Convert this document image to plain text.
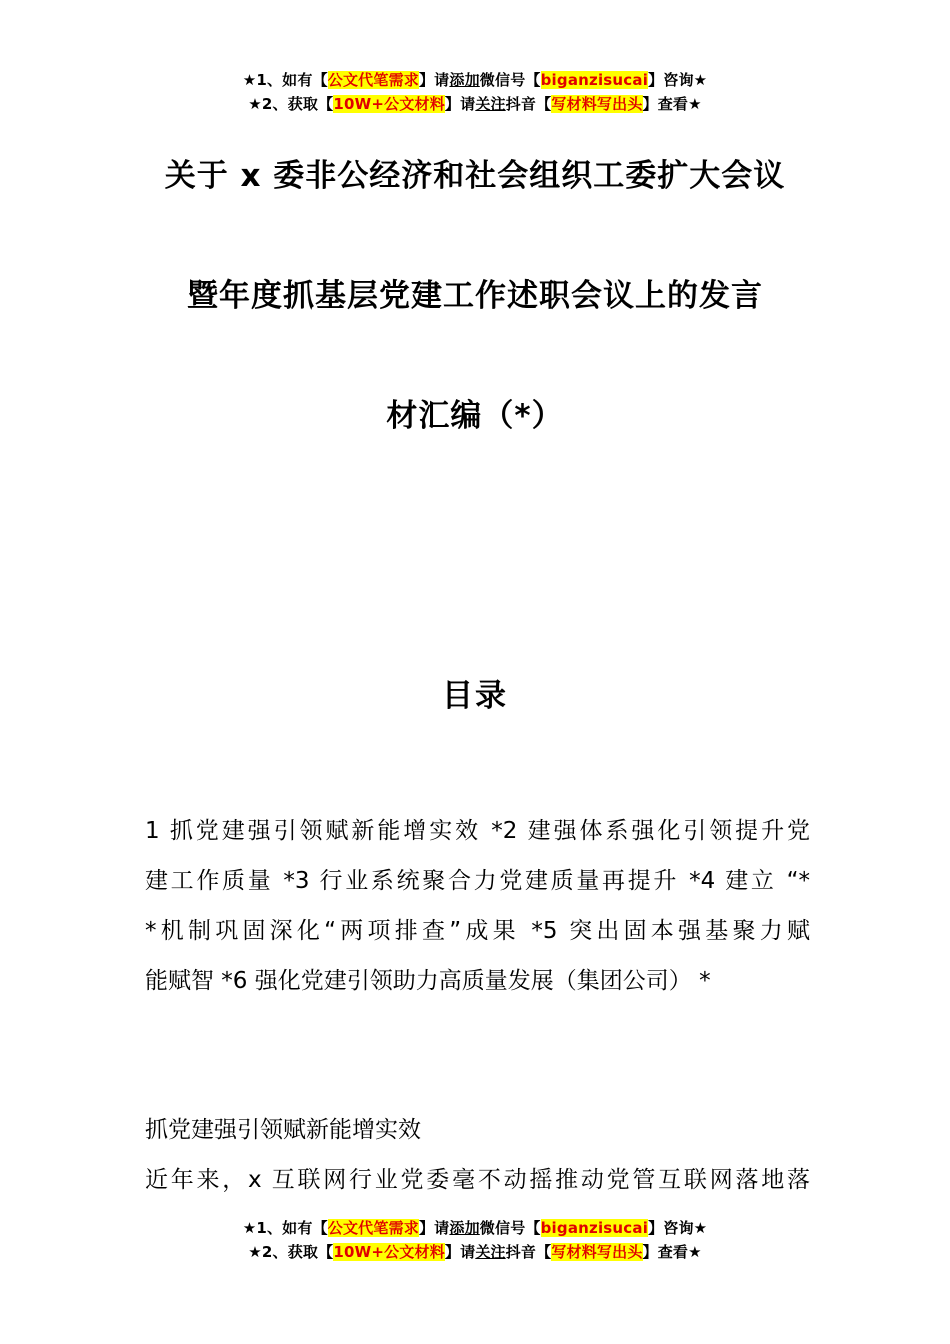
★1、如有【公文代笔需求】请添加微信号【biganzisucai】咨询★
★2、获取【10W+公文材料】请关注抖音【写材料写出头】查看★
关于 x 委非公经济和社会组织工委扩大会议
暨年度抓基层党建工作述职会议上的发言
材汇编（*）
目录
1 抓党建强引领赋新能增实效 *2 建强体系强化引领提升党
建工作质量 *3 行业系统聚合力党建质量再提升 *4 建立 “*
*机制巩固深化“两项排查”成果 *5 突出固本强基聚力赋
能赋智 *6 强化党建引领助力高质量发展（集团公司） *
抓党建强引领赋新能增实效
近年来，x 互联网行业党委毫不动摇推动党管互联网落地落
★1、如有【公文代笔需求】请添加微信号【biganzisucai】咨询★
★2、获取【10W+公文材料】请关注抖音【写材料写出头】查看★
